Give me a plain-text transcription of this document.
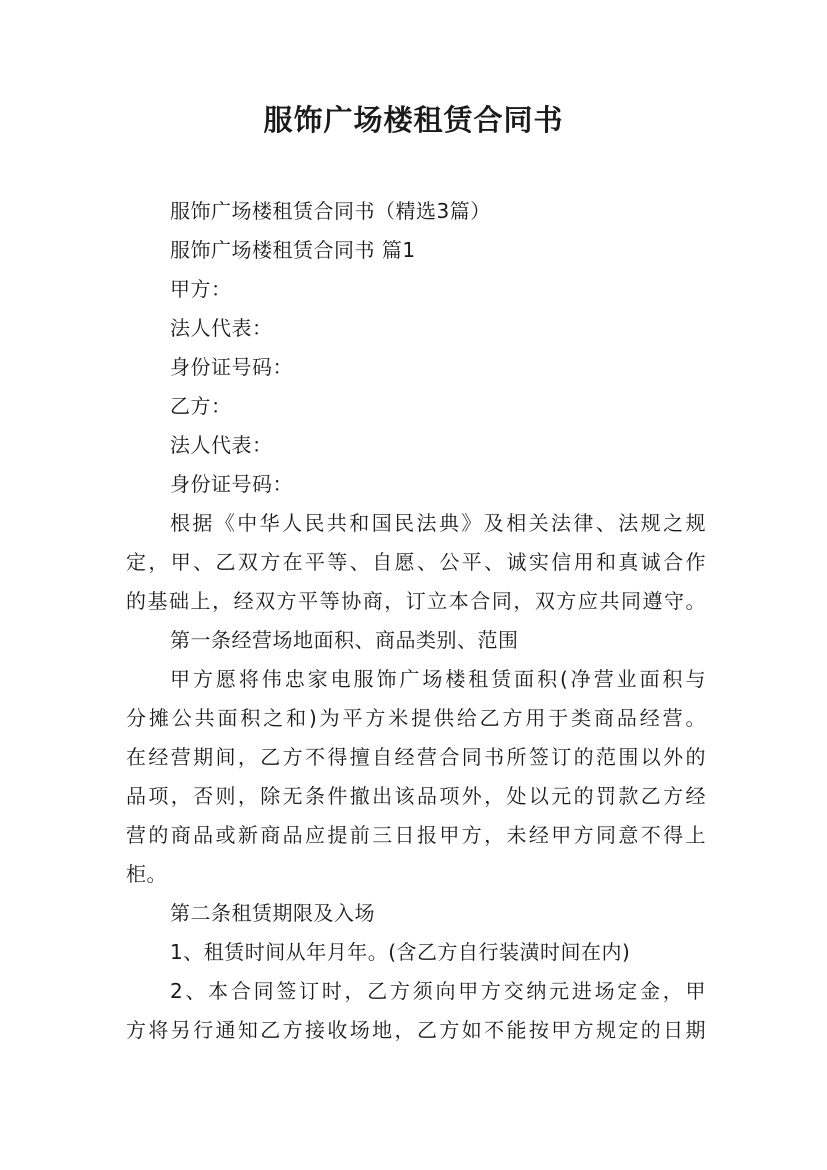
服饰广场楼租赁合同书
服饰广场楼租赁合同书（精选3篇）
服饰广场楼租赁合同书 篇1
甲方：
法人代表：
身份证号码：
乙方：
法人代表：
身份证号码：
根据《中华人民共和国民法典》及相关法律、法规之规
定，甲、乙双方在平等、自愿、公平、诚实信用和真诚合作
的基础上，经双方平等协商，订立本合同，双方应共同遵守。
第一条经营场地面积、商品类别、范围
甲方愿将伟忠家电服饰广场楼租赁面积(净营业面积与
分摊公共面积之和)为平方米提供给乙方用于类商品经营。
在经营期间，乙方不得擅自经营合同书所签订的范围以外的
品项，否则，除无条件撤出该品项外，处以元的罚款乙方经
营的商品或新商品应提前三日报甲方，未经甲方同意不得上
柜。
第二条租赁期限及入场
1、租赁时间从年月年。(含乙方自行装潢时间在内)
2、本合同签订时，乙方须向甲方交纳元进场定金，甲
方将另行通知乙方接收场地，乙方如不能按甲方规定的日期
